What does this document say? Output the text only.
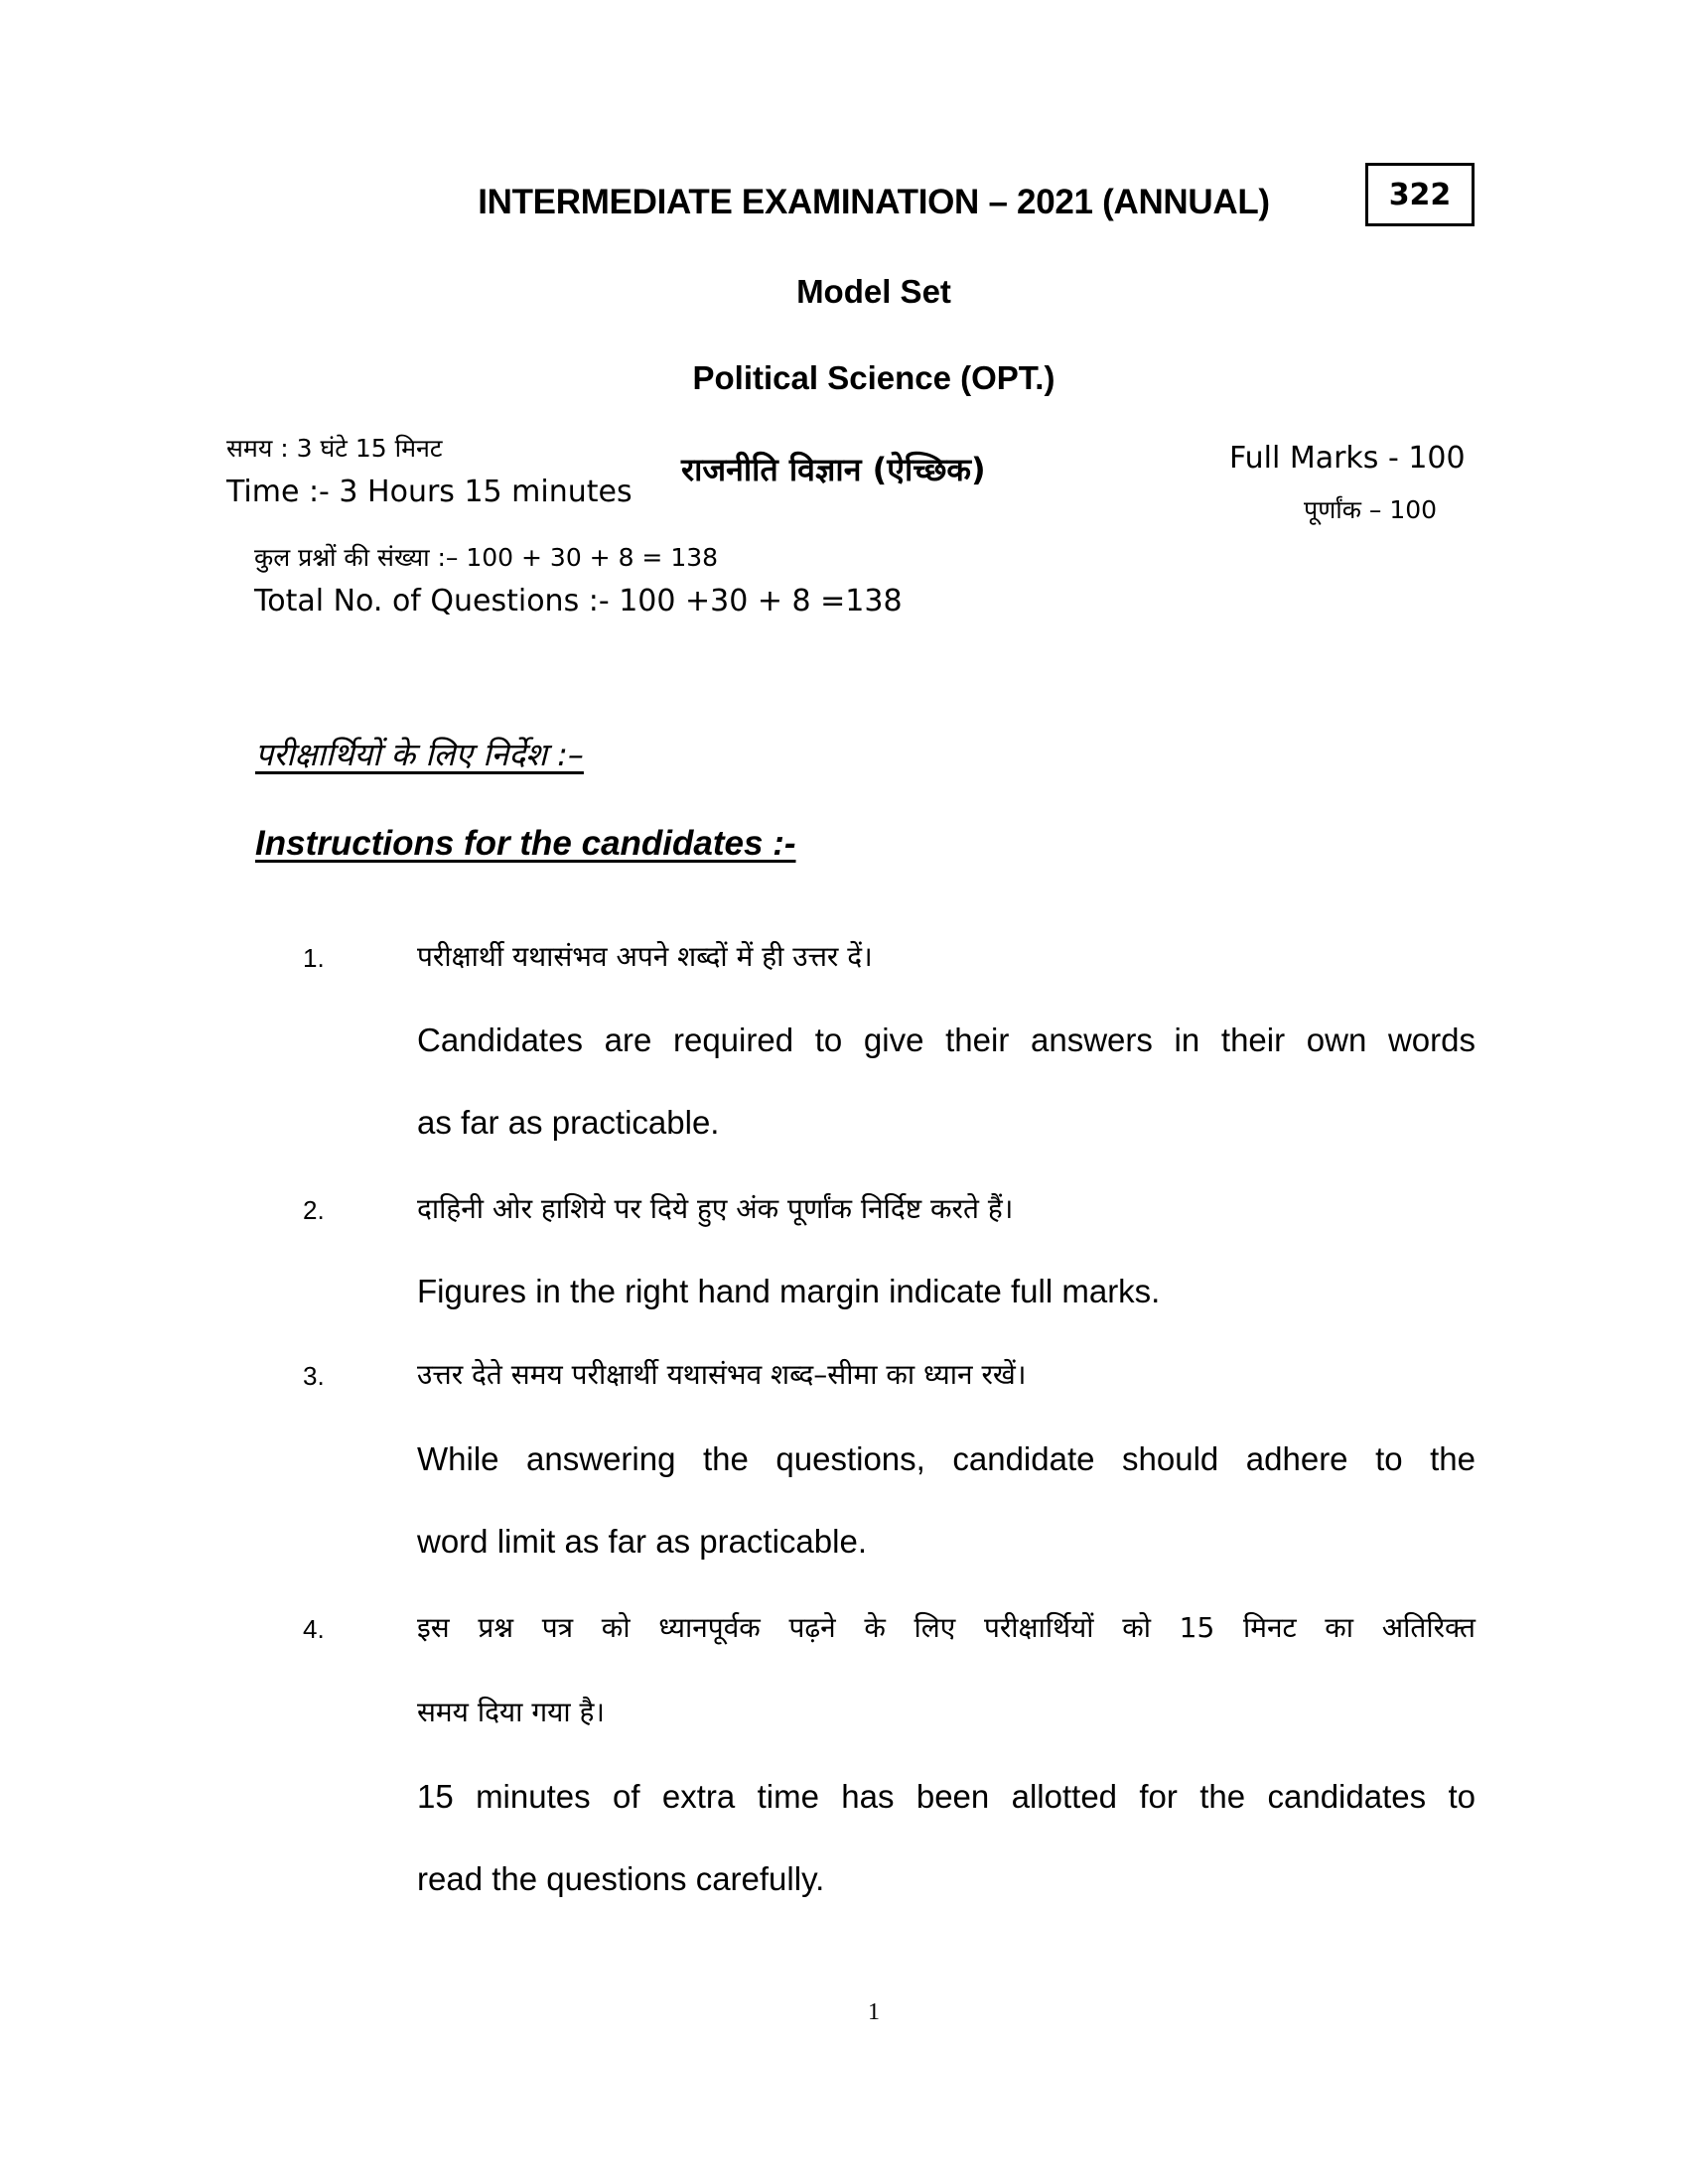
INTERMEDIATE EXAMINATION – 2021 (ANNUAL)	322
Model Set
Political Science (OPT.)
समय : 3 घंटे 15 मिनट
Time :- 3 Hours 15 minutes
राजनीति विज्ञान (ऐच्छिक)	Full Marks - 100
पूर्णांक – 100
कुल प्रश्नों की संख्या :– 100 + 30 + 8 = 138
Total No. of Questions :- 100 +30 + 8 =138
परीक्षार्थियों के लिए निर्देश :–
Instructions for the candidates :-
1.	परीक्षार्थी यथासंभव अपने शब्दों में ही उत्तर दें।
Candidates are required to give their answers in their own words
as far as practicable.
2.	दाहिनी ओर हाशिये पर दिये हुए अंक पूर्णांक निर्दिष्ट करते हैं।
Figures in the right hand margin indicate full marks.
3.	उत्तर देते समय परीक्षार्थी यथासंभव शब्द–सीमा का ध्यान रखें।
While answering the questions, candidate should adhere to the
word limit as far as practicable.
4.	इस प्रश्न पत्र को ध्यानपूर्वक पढ़ने के लिए परीक्षार्थियों को 15 मिनट का अतिरिक्त
समय दिया गया है।
15 minutes of extra time has been allotted for the candidates to
read the questions carefully.
1
